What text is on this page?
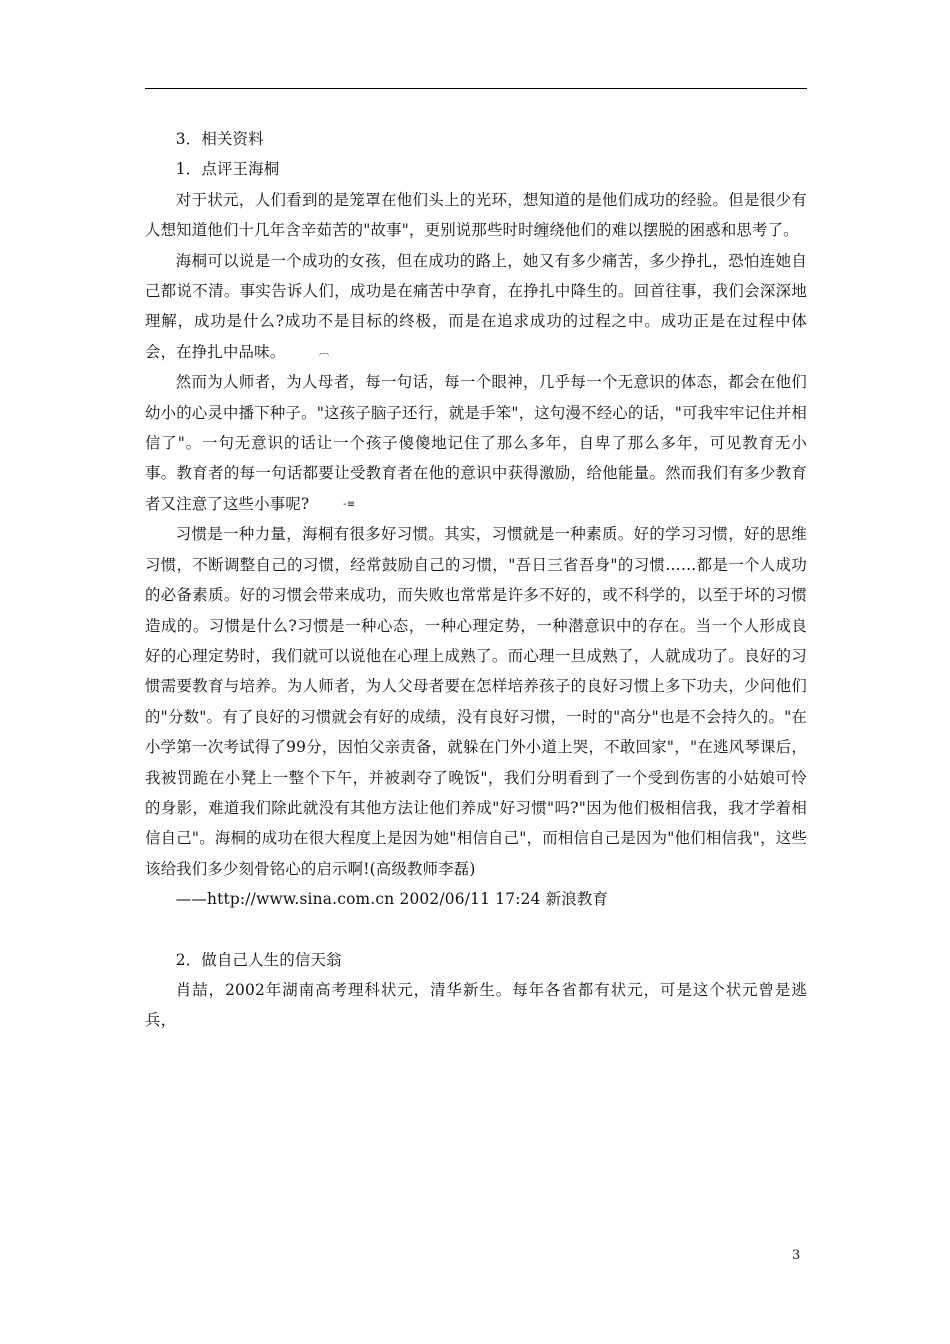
3．相关资料

1．点评王海桐

对于状元，人们看到的是笼罩在他们头上的光环，想知道的是他们成功的经验。但是很少有人想知道他们十几年含辛茹苦的"故事"，更别说那些时时缠绕他们的难以摆脱的困惑和思考了。

海桐可以说是一个成功的女孩，但在成功的路上，她又有多少痛苦，多少挣扎，恐怕连她自己都说不清。事实告诉人们，成功是在痛苦中孕育，在挣扎中降生的。回首往事，我们会深深地理解，成功是什么?成功不是目标的终极，而是在追求成功的过程之中。成功正是在过程中体会，在挣扎中品味。	︹

然而为人师者，为人母者，每一句话，每一个眼神，几乎每一个无意识的体态，都会在他们幼小的心灵中播下种子。"这孩子脑子还行，就是手笨"，这句漫不经心的话，"可我牢牢记住并相信了"。一句无意识的话让一个孩子傻傻地记住了那么多年，自卑了那么多年，可见教育无小事。教育者的每一句话都要让受教育者在他的意识中获得激励，给他能量。然而我们有多少教育者又注意了这些小事呢?	-≡

习惯是一种力量，海桐有很多好习惯。其实，习惯就是一种素质。好的学习习惯，好的思维习惯，不断调整自己的习惯，经常鼓励自己的习惯，"吾日三省吾身"的习惯……都是一个人成功的必备素质。好的习惯会带来成功，而失败也常常是许多不好的，或不科学的，以至于坏的习惯造成的。习惯是什么?习惯是一种心态，一种心理定势，一种潜意识中的存在。当一个人形成良好的心理定势时，我们就可以说他在心理上成熟了。而心理一旦成熟了，人就成功了。良好的习惯需要教育与培养。为人师者，为人父母者要在怎样培养孩子的良好习惯上多下功夫，少问他们的"分数"。有了良好的习惯就会有好的成绩，没有良好习惯，一时的"高分"也是不会持久的。"在小学第一次考试得了99分，因怕父亲责备，就躲在门外小道上哭，不敢回家"，"在逃风琴课后，我被罚跪在小凳上一整个下午，并被剥夺了晚饭"，我们分明看到了一个受到伤害的小姑娘可怜的身影，难道我们除此就没有其他方法让他们养成"好习惯"吗?"因为他们极相信我，我才学着相信自己"。海桐的成功在很大程度上是因为她"相信自己"，而相信自己是因为"他们相信我"，这些该给我们多少刻骨铭心的启示啊!(高级教师李磊)

——http://www.sina.com.cn 2002/06/11 17:24 新浪教育

2．做自己人生的信天翁

肖喆，2002年湖南高考理科状元，清华新生。每年各省都有状元，可是这个状元曾是逃兵，

3
